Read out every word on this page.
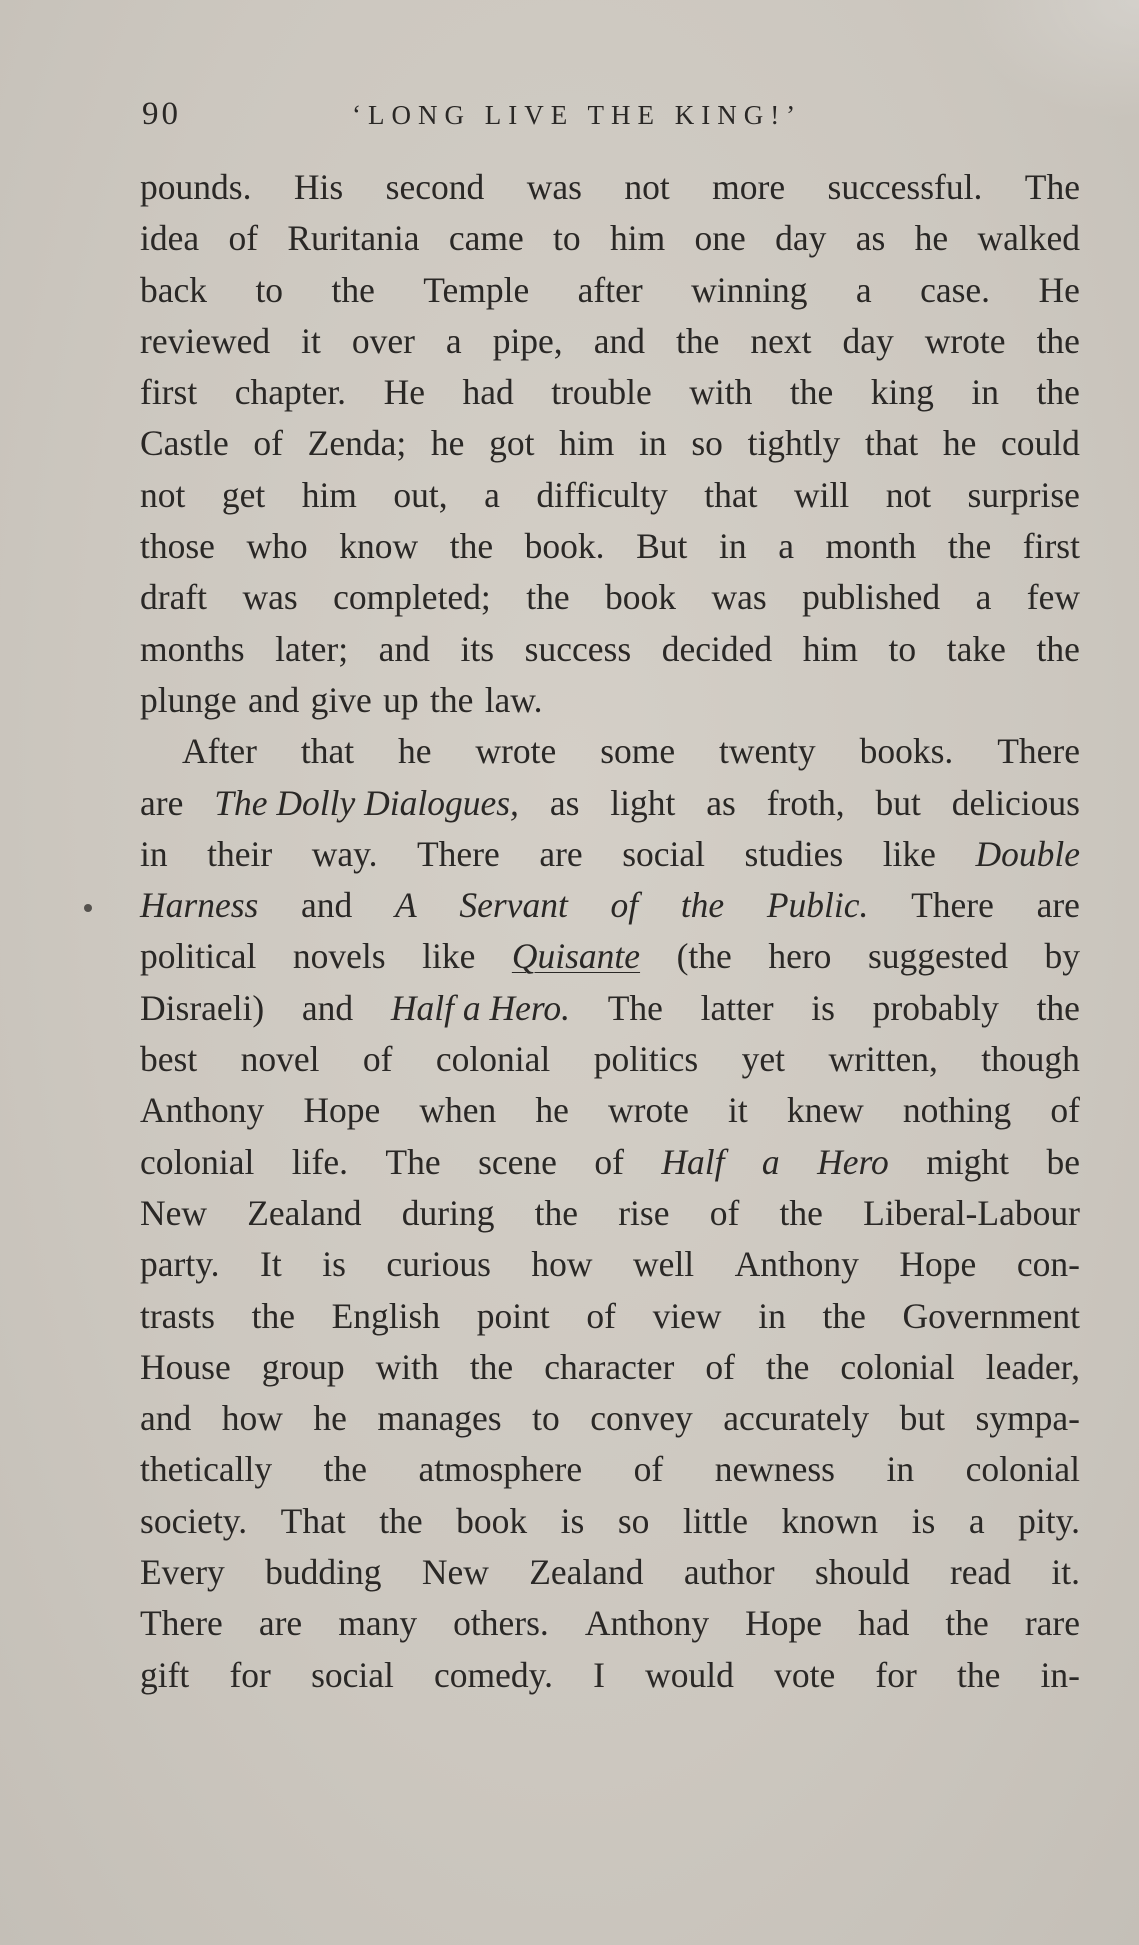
90	‘LONG LIVE THE KING!’
pounds. His second was not more successful. The
idea of Ruritania came to him one day as he walked
back to the Temple after winning a case. He
reviewed it over a pipe, and the next day wrote the
first chapter. He had trouble with the king in the
Castle of Zenda; he got him in so tightly that he could
not get him out, a difficulty that will not surprise
those who know the book. But in a month the first
draft was completed; the book was published a few
months later; and its success decided him to take the
plunge and give up the law.
After that he wrote some twenty books. There
are The Dolly Dialogues, as light as froth, but delicious
in their way. There are social studies like Double
Harness and A Servant of the Public. There are
political novels like Quisante (the hero suggested by
Disraeli) and Half a Hero. The latter is probably the
best novel of colonial politics yet written, though
Anthony Hope when he wrote it knew nothing of
colonial life. The scene of Half a Hero might be
New Zealand during the rise of the Liberal-Labour
party. It is curious how well Anthony Hope con-
trasts the English point of view in the Government
House group with the character of the colonial leader,
and how he manages to convey accurately but sympa-
thetically the atmosphere of newness in colonial
society. That the book is so little known is a pity.
Every budding New Zealand author should read it.
There are many others. Anthony Hope had the rare
gift for social comedy. I would vote for the in-
